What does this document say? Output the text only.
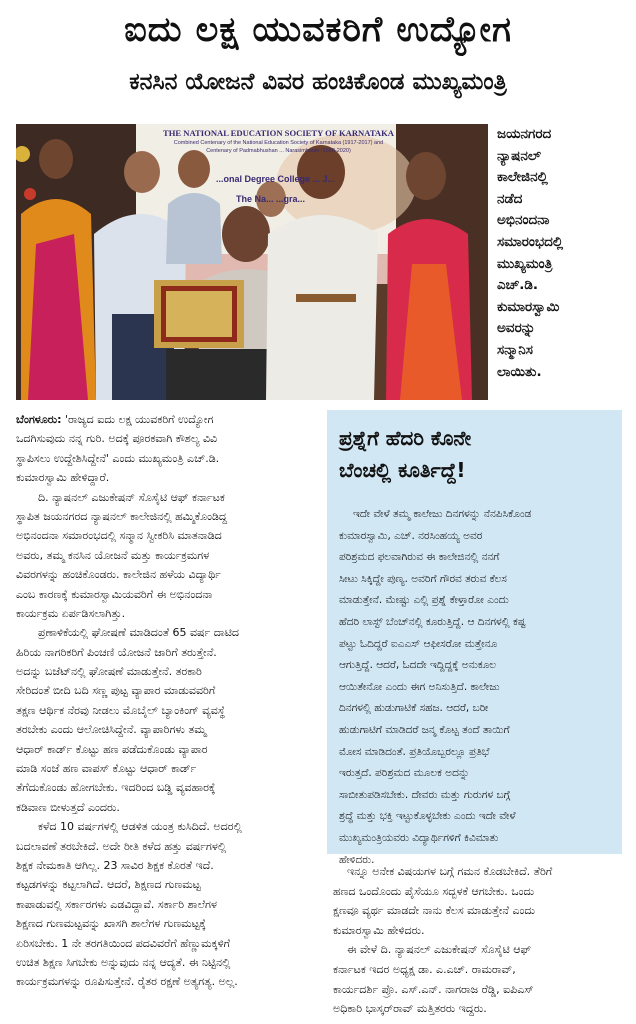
ಐದು ಲಕ್ಷ ಯುವಕರಿಗೆ ಉದ್ಯೋಗ
ಕನಸಿನ ಯೋಜನೆ ವಿವರ ಹಂಚಿಕೊಂಡ ಮುಖ್ಯಮಂತ್ರಿ
THE NATIONAL EDUCATION SOCIETY OF KARNATAKA
Combined Centenary of the National Education Society of Karnataka (1917-2017) and
Centenary of Padmabhushan ... Narasimhaiah (1920-2020)
...onal Degree College ... J...
The Na... ...gra...
ಜಯನಗರದ
ನ್ಯಾಷನಲ್
ಕಾಲೇಜಿನಲ್ಲಿ
ನಡೆದ
ಅಭಿನಂದನಾ
ಸಮಾರಂಭದಲ್ಲಿ
ಮುಖ್ಯಮಂತ್ರಿ
ಎಚ್.ಡಿ.
ಕುಮಾರಸ್ವಾಮಿ
ಅವರನ್ನು
ಸನ್ಮಾನಿಸ
ಲಾಯಿತು.
ಬೆಂಗಳೂರು: 'ರಾಜ್ಯದ ಐದು ಲಕ್ಷ ಯುವಕರಿಗೆ ಉದ್ಯೋಗ
ಒದಗಿಸುವುದು ನನ್ನ ಗುರಿ. ಅದಕ್ಕೆ ಪೂರಕವಾಗಿ ಕೌಶಲ್ಯ ವಿವಿ
ಸ್ಥಾಪಿಸಲು ಉದ್ದೇಶಿಸಿದ್ದೇನೆ' ಎಂದು ಮುಖ್ಯಮಂತ್ರಿ ಎಚ್.ಡಿ.
ಕುಮಾರಸ್ವಾಮಿ ಹೇಳಿದ್ದಾರೆ.
ದಿ. ನ್ಯಾಷನಲ್ ಎಜುಕೇಷನ್ ಸೊಸೈಟಿ ಆಫ್ ಕರ್ನಾಟಕ
ಸ್ಥಾಪಿತ ಜಯನಗರದ ನ್ಯಾಷನಲ್ ಕಾಲೇಜಿನಲ್ಲಿ ಹಮ್ಮಿಕೊಂಡಿದ್ದ
ಅಭಿನಂದನಾ ಸಮಾರಂಭದಲ್ಲಿ ಸನ್ಮಾನ ಸ್ವೀಕರಿಸಿ ಮಾತನಾಡಿದ
ಅವರು, ತಮ್ಮ ಕನಸಿನ ಯೋಜನೆ ಮತ್ತು ಕಾರ್ಯಕ್ರಮಗಳ
ವಿವರಗಳನ್ನು ಹಂಚಿಕೊಂಡರು. ಕಾಲೇಜಿನ ಹಳೆಯ ವಿದ್ಯಾರ್ಥಿ
ಎಂಬ ಕಾರಣಕ್ಕೆ ಕುಮಾರಸ್ವಾಮಿಯವರಿಗೆ ಈ ಅಭಿನಂದನಾ
ಕಾರ್ಯಕ್ರಮ ಏರ್ಪಡಿಸಲಾಗಿತ್ತು.
ಪ್ರಣಾಳಿಕೆಯಲ್ಲಿ ಘೋಷಣೆ ಮಾಡಿದಂತೆ 65 ವರ್ಷ ದಾಟಿದ
ಹಿರಿಯ ನಾಗರಿಕರಿಗೆ ಪಿಂಚಣಿ ಯೋಜನೆ ಜಾರಿಗೆ ತರುತ್ತೇನೆ.
ಅದನ್ನು ಬಜೆಟ್‌ನಲ್ಲಿ ಘೋಷಣೆ ಮಾಡುತ್ತೇನೆ. ತರಕಾರಿ
ಸೇರಿದಂತೆ ಬೀದಿ ಬದಿ ಸಣ್ಣ ಪುಟ್ಟ ವ್ಯಾಪಾರ ಮಾಡುವವರಿಗೆ
ತಕ್ಷಣ ಆರ್ಥಿಕ ನೆರವು ನೀಡಲು ಮೊಬೈಲ್ ಬ್ಯಾಂಕಿಂಗ್ ವ್ಯವಸ್ಥೆ
ತರಬೇಕು ಎಂದು ಆಲೋಚಿಸಿದ್ದೇನೆ. ವ್ಯಾಪಾರಿಗಳು ತಮ್ಮ
ಆಧಾರ್ ಕಾರ್ಡ್ ಕೊಟ್ಟು ಹಣ ಪಡೆದುಕೊಂಡು ವ್ಯಾಪಾರ
ಮಾಡಿ ಸಂಜೆ ಹಣ ವಾಪಸ್ ಕೊಟ್ಟು ಆಧಾರ್ ಕಾರ್ಡ್
ತೆಗೆದುಕೊಂಡು ಹೋಗಬೇಕು. ಇದರಿಂದ ಬಡ್ಡಿ ವ್ಯವಹಾರಕ್ಕೆ
ಕಡಿವಾಣ ಬೀಳುತ್ತದೆ ಎಂದರು.
ಕಳೆದ 10 ವರ್ಷಗಳಲ್ಲಿ ಆಡಳಿತ ಯಂತ್ರ ಕುಸಿದಿದೆ. ಅದರಲ್ಲಿ
ಬದಲಾವಣೆ ತರಬೇಕಿದೆ. ಅದೇ ರೀತಿ ಕಳೆದ ಹತ್ತು ವರ್ಷಗಳಲ್ಲಿ
ಶಿಕ್ಷಕ ನೇಮಕಾತಿ ಆಗಿಲ್ಲ. 23 ಸಾವಿರ ಶಿಕ್ಷಕ ಕೊರತೆ ಇದೆ.
ಕಟ್ಟಡಗಳನ್ನು ಕಟ್ಟಲಾಗಿದೆ. ಆದರೆ, ಶಿಕ್ಷಣದ ಗುಣಮಟ್ಟ
ಕಾಪಾಡುವಲ್ಲಿ ಸರ್ಕಾರಗಳು ಎಡವಿದ್ದಾವೆ. ಸರ್ಕಾರಿ ಶಾಲೆಗಳ
ಶಿಕ್ಷಣದ ಗುಣಮಟ್ಟವನ್ನು ಖಾಸಗಿ ಶಾಲೆಗಳ ಗುಣಮಟ್ಟಕ್ಕೆ
ಏರಿಸಬೇಕು. 1 ನೇ ತರಗತಿಯಿಂದ ಪದವಿವರೆಗೆ ಹೆಣ್ಣುಮಕ್ಕಳಿಗೆ
ಉಚಿತ ಶಿಕ್ಷಣ ಸಿಗಬೇಕು ಅನ್ನುವುದು ನನ್ನ ಆದ್ಯತೆ. ಈ ನಿಟ್ಟಿನಲ್ಲಿ
ಕಾರ್ಯಕ್ರಮಗಳನ್ನು ರೂಪಿಸುತ್ತೇನೆ. ರೈತರ ರಕ್ಷಣೆ ಅತ್ಯಗತ್ಯ. ಅಲ್ಲ.
ಪ್ರಶ್ನೆಗೆ ಹೆದರಿ ಕೊನೇ
ಬೆಂಚಲ್ಲಿ ಕೂರ್ತಿದ್ದೆ!
ಇದೇ ವೇಳೆ ತಮ್ಮ ಕಾಲೇಜು ದಿನಗಳನ್ನು ನೆನಪಿಸಿಕೊಂಡ
ಕುಮಾರಸ್ವಾಮಿ, ಎಚ್. ನರಸಿಂಹಯ್ಯ ಅವರ
ಪರಿಶ್ರಮದ ಫಲವಾಗಿರುವ ಈ ಕಾಲೇಜಿನಲ್ಲಿ ನನಗೆ
ಸೀಟು ಸಿಕ್ಕಿದ್ದೇ ಪುಣ್ಯ. ಅವರಿಗೆ ಗೌರವ ತರುವ ಕೆಲಸ
ಮಾಡುತ್ತೇನೆ. ಮೇಷ್ಟು ಎಲ್ಲಿ ಪ್ರಶ್ನೆ ಕೇಳ್ತಾರೋ ಎಂದು
ಹೆದರಿ ಲಾಸ್ಟ್ ಬೆಂಚ್‌ನಲ್ಲಿ ಕೂರುತ್ತಿದ್ದೆ. ಆ ದಿನಗಳಲ್ಲಿ ಕಷ್ಟ
ಪಟ್ಟು ಓದಿದ್ದರೆ ಐಎಎಸ್ ಆಫೀಸರೋ ಮತ್ತೇನೂ
ಆಗುತ್ತಿದ್ದೆ. ಆದರೆ, ಓದದೇ ಇದ್ದಿದ್ದಕ್ಕೆ ಅನುಕೂಲ
ಆಯಿತೇನೋ ಎಂದು ಈಗ ಅನಿಸುತ್ತಿದೆ. ಕಾಲೇಜು
ದಿನಗಳಲ್ಲಿ ಹುಡುಗಾಟಿಕೆ ಸಹಜ. ಆದರೆ, ಬರೀ
ಹುಡುಗಾಟಿಗೆ ಮಾಡಿದರೆ ಜನ್ಮ ಕೊಟ್ಟ ತಂದೆ ತಾಯಿಗೆ
ಮೋಸ ಮಾಡಿದಂತೆ. ಪ್ರತಿಯೊಬ್ಬರಲ್ಲೂ ಪ್ರತಿಭೆ
ಇರುತ್ತದೆ. ಪರಿಶ್ರಮದ ಮೂಲಕ ಅದನ್ನು
ಸಾಬೀತುಪಡಿಸಬೇಕು. ದೇವರು ಮತ್ತು ಗುರುಗಳ ಬಗ್ಗೆ
ಶ್ರದ್ಧೆ ಮತ್ತು ಭಕ್ತಿ ಇಟ್ಟುಕೊಳ್ಳಬೇಕು ಎಂದು ಇದೇ ವೇಳೆ
ಮುಖ್ಯಮಂತ್ರಿಯವರು ವಿದ್ಯಾರ್ಥಿಗಳಿಗೆ ಕಿವಿಮಾತು
ಹೇಳಿದರು.
ಇನ್ನೂ ಅನೇಕ ವಿಷಯಗಳ ಬಗ್ಗೆ ಗಮನ ಕೊಡಬೇಕಿದೆ. ತೆರಿಗೆ
ಹಣದ ಒಂದೊಂದು ಪೈಸೆಯೂ ಸದ್ಬಳಕೆ ಆಗಬೇಕು. ಒಂದು
ಕ್ಷಣವೂ ವ್ಯರ್ಥ ಮಾಡದೇ ನಾನು ಕೆಲಸ ಮಾಡುತ್ತೇನೆ ಎಂದು
ಕುಮಾರಸ್ವಾಮಿ ಹೇಳಿದರು.
ಈ ವೇಳೆ ದಿ. ನ್ಯಾಷನಲ್ ಎಜುಕೇಷನ್ ಸೊಸೈಟಿ ಆಫ್
ಕರ್ನಾಟಕ ಇದರ ಅಧ್ಯಕ್ಷ ಡಾ. ಎ.ಎಚ್. ರಾಮರಾವ್,
ಕಾರ್ಯದರ್ಶಿ ಪ್ರೊ. ಎಸ್.ಎನ್. ನಾಗರಾಜ ರೆಡ್ಡಿ, ಐಪಿಎಸ್
ಅಧಿಕಾರಿ ಭಾಸ್ಕರ್‌ರಾವ್ ಮತ್ತಿತರರು ಇದ್ದರು.
